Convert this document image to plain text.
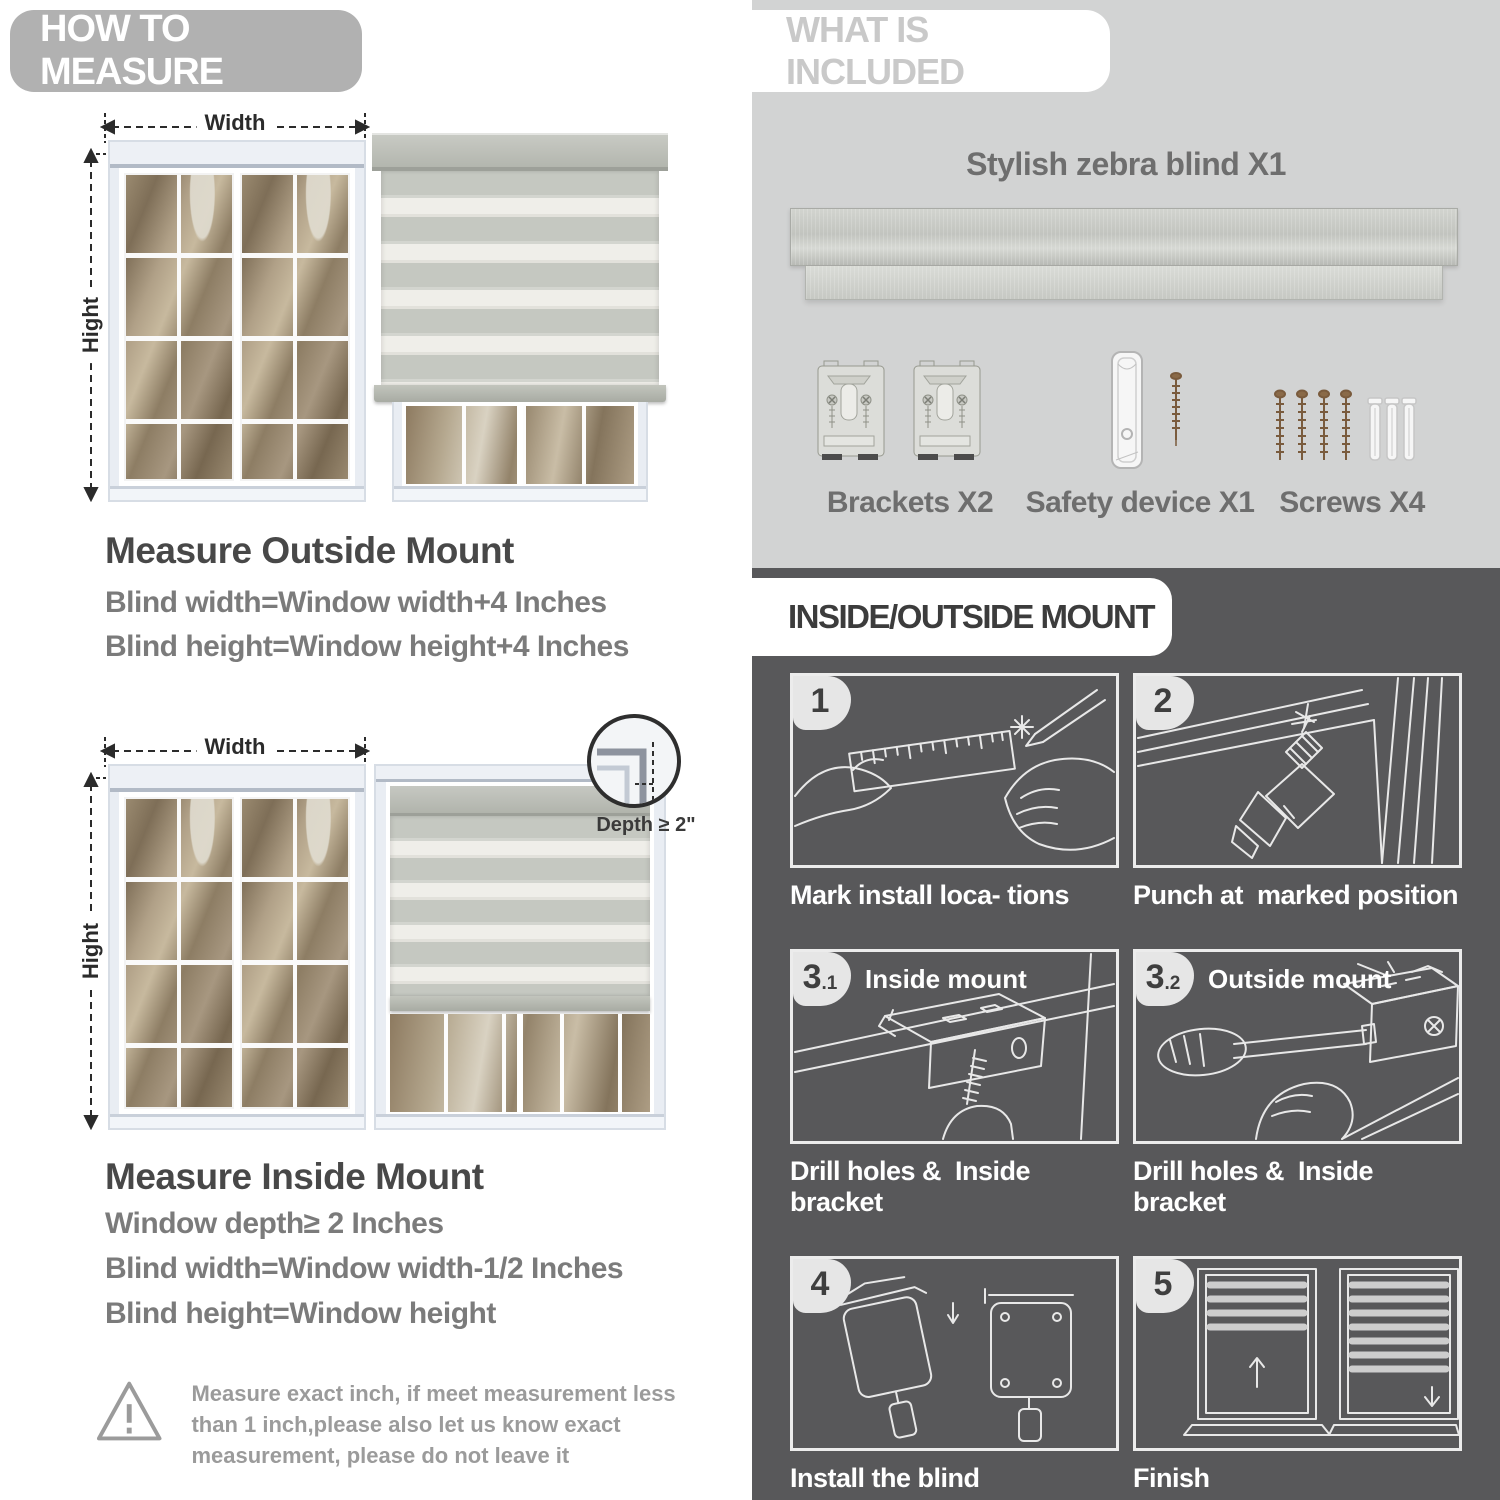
HOW TO MEASURE
Width
Hight
Measure Outside Mount
Blind width=Window width+4 Inches
Blind height=Window height+4 Inches
Width
Hight
Depth ≥ 2"
Measure Inside Mount
Window depth≥ 2 Inches
Blind width=Window width-1/2 Inches
Blind height=Window height
Measure exact inch, if meet measurement less than 1 inch,please also let us know exact measurement, please do not leave it
WHAT IS INCLUDED
Stylish zebra blind X1
Brackets X2 Safety device X1 Screws X4
INSIDE/OUTSIDE MOUNT
1
Mark install loca- tions
2
Punch at  marked position
3 .1 Inside mount
Drill holes &  Inside bracket
3 .2 Outside mount
Drill holes &  Inside bracket
4
Install the blind
5
Finish
